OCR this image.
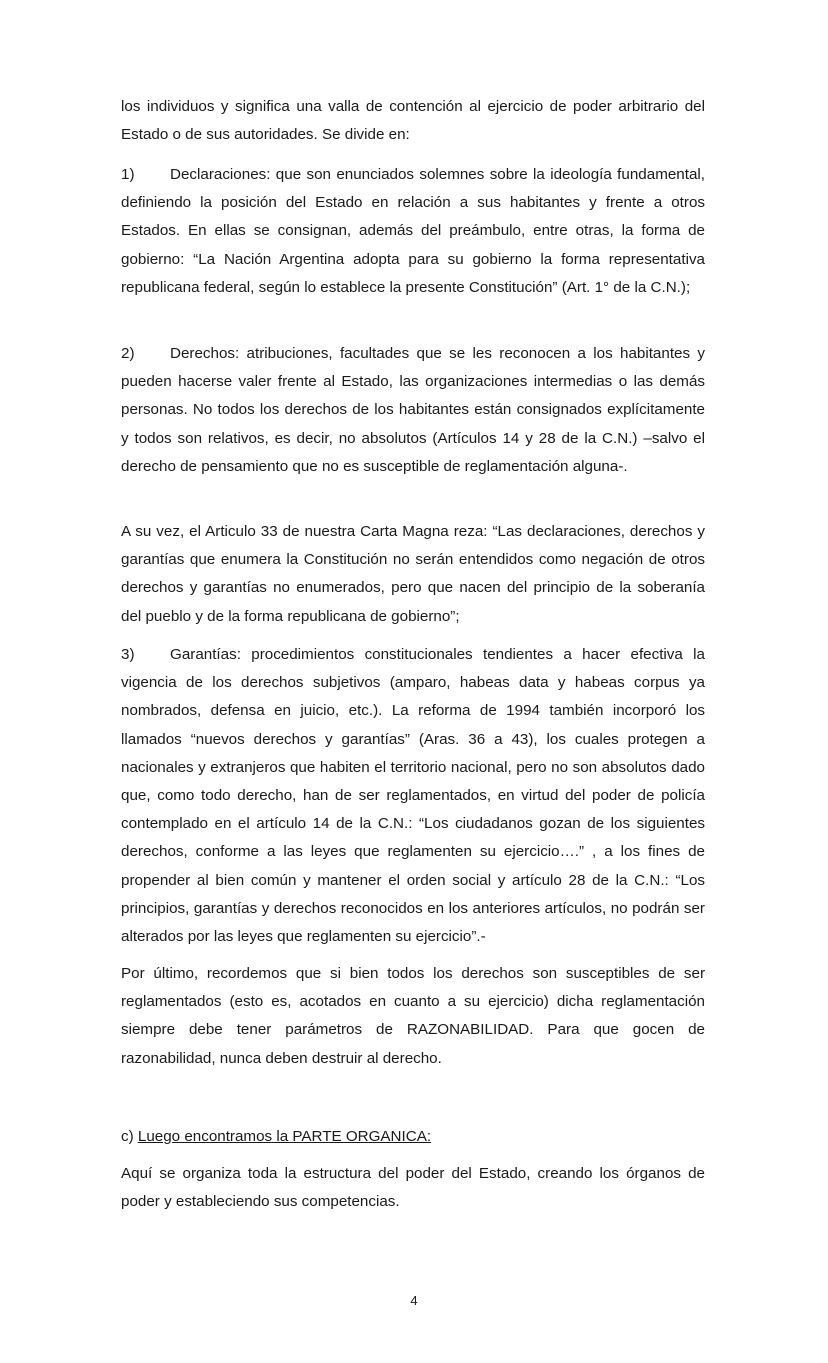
los individuos y significa una valla de contención al ejercicio de poder arbitrario del Estado o de sus autoridades. Se divide en:

1) Declaraciones: que son enunciados solemnes sobre la ideología fundamental, definiendo la posición del Estado en relación a sus habitantes y frente a otros Estados. En ellas se consignan, además del preámbulo, entre otras, la forma de gobierno: “La Nación Argentina adopta para su gobierno la forma representativa republicana federal, según lo establece la presente Constitución” (Art. 1° de la C.N.);

2) Derechos: atribuciones, facultades que se les reconocen a los habitantes y pueden hacerse valer frente al Estado, las organizaciones intermedias o las demás personas. No todos los derechos de los habitantes están consignados explícitamente y todos son relativos, es decir, no absolutos (Artículos 14 y 28 de la C.N.) –salvo el derecho de pensamiento que no es susceptible de reglamentación alguna-.

A su vez, el Articulo 33 de nuestra Carta Magna reza: “Las declaraciones, derechos y garantías que enumera la Constitución no serán entendidos como negación de otros derechos y garantías no enumerados, pero que nacen del principio de la soberanía del pueblo y de la forma republicana de gobierno”;

3) Garantías: procedimientos constitucionales tendientes a hacer efectiva la vigencia de los derechos subjetivos (amparo, habeas data y habeas corpus ya nombrados, defensa en juicio, etc.). La reforma de 1994 también incorporó los llamados “nuevos derechos y garantías” (Aras. 36 a 43), los cuales protegen a nacionales y extranjeros que habiten el territorio nacional, pero no son absolutos dado que, como todo derecho, han de ser reglamentados, en virtud del poder de policía contemplado en el artículo 14 de la C.N.: “Los ciudadanos gozan de los siguientes derechos, conforme a las leyes que reglamenten su ejercicio….” , a los fines de propender al bien común y mantener el orden social y artículo 28 de la C.N.: “Los principios, garantías y derechos reconocidos en los anteriores artículos, no podrán ser alterados por las leyes que reglamenten su ejercicio”.-

Por último, recordemos que si bien todos los derechos son susceptibles de ser reglamentados (esto es, acotados en cuanto a su ejercicio) dicha reglamentación siempre debe tener parámetros de RAZONABILIDAD. Para que gocen de razonabilidad, nunca deben destruir al derecho.

c) Luego encontramos la PARTE ORGANICA:

Aquí se organiza toda la estructura del poder del Estado, creando los órganos de poder y estableciendo sus competencias.

4
